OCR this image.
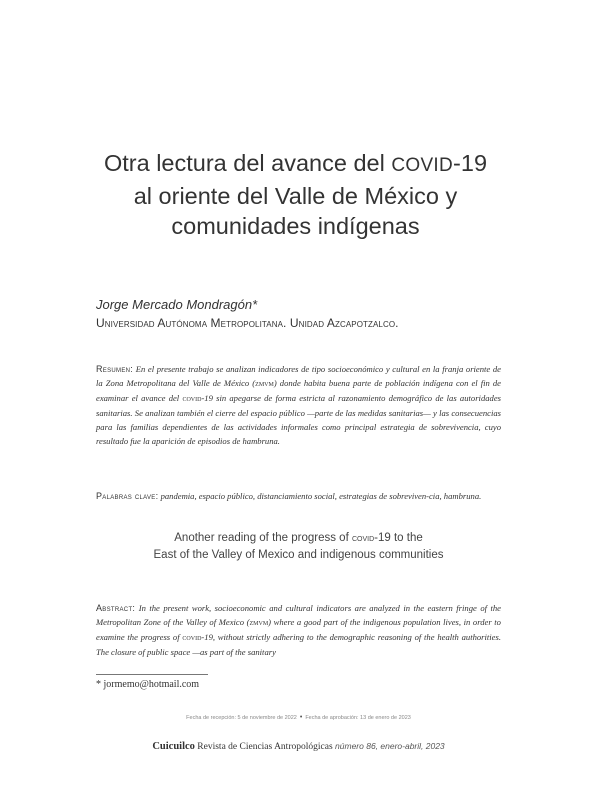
Otra lectura del avance del COVID-19
al oriente del Valle de México y
comunidades indígenas
Jorge Mercado Mondragón*
Universidad Autónoma Metropolitana. Unidad Azcapotzalco.
Resumen: En el presente trabajo se analizan indicadores de tipo socioeconómico y cultural en la franja oriente de la Zona Metropolitana del Valle de México (zmvm) donde habita buena parte de población indígena con el fin de examinar el avance del covid-19 sin apegarse de forma estricta al razonamiento demográfico de las autoridades sanitarias. Se analizan también el cierre del espacio público —parte de las medidas sanitarias— y las consecuencias para las familias dependientes de las actividades informales como principal estrategia de sobrevivencia, cuyo resultado fue la aparición de episodios de hambruna.
Palabras clave: pandemia, espacio público, distanciamiento social, estrategias de sobreviven-cia, hambruna.
Another reading of the progress of covid-19 to the
East of the Valley of Mexico and indigenous communities
Abstract: In the present work, socioeconomic and cultural indicators are analyzed in the eastern fringe of the Metropolitan Zone of the Valley of Mexico (zmvm) where a good part of the indigenous population lives, in order to examine the progress of covid-19, without strictly adhering to the demographic reasoning of the health authorities. The closure of public space —as part of the sanitary
* jormemo@hotmail.com
Fecha de recepción: 5 de noviembre de 2022 • Fecha de aprobación: 13 de enero de 2023
Cuicuilco Revista de Ciencias Antropológicas número 86, enero-abril, 2023
